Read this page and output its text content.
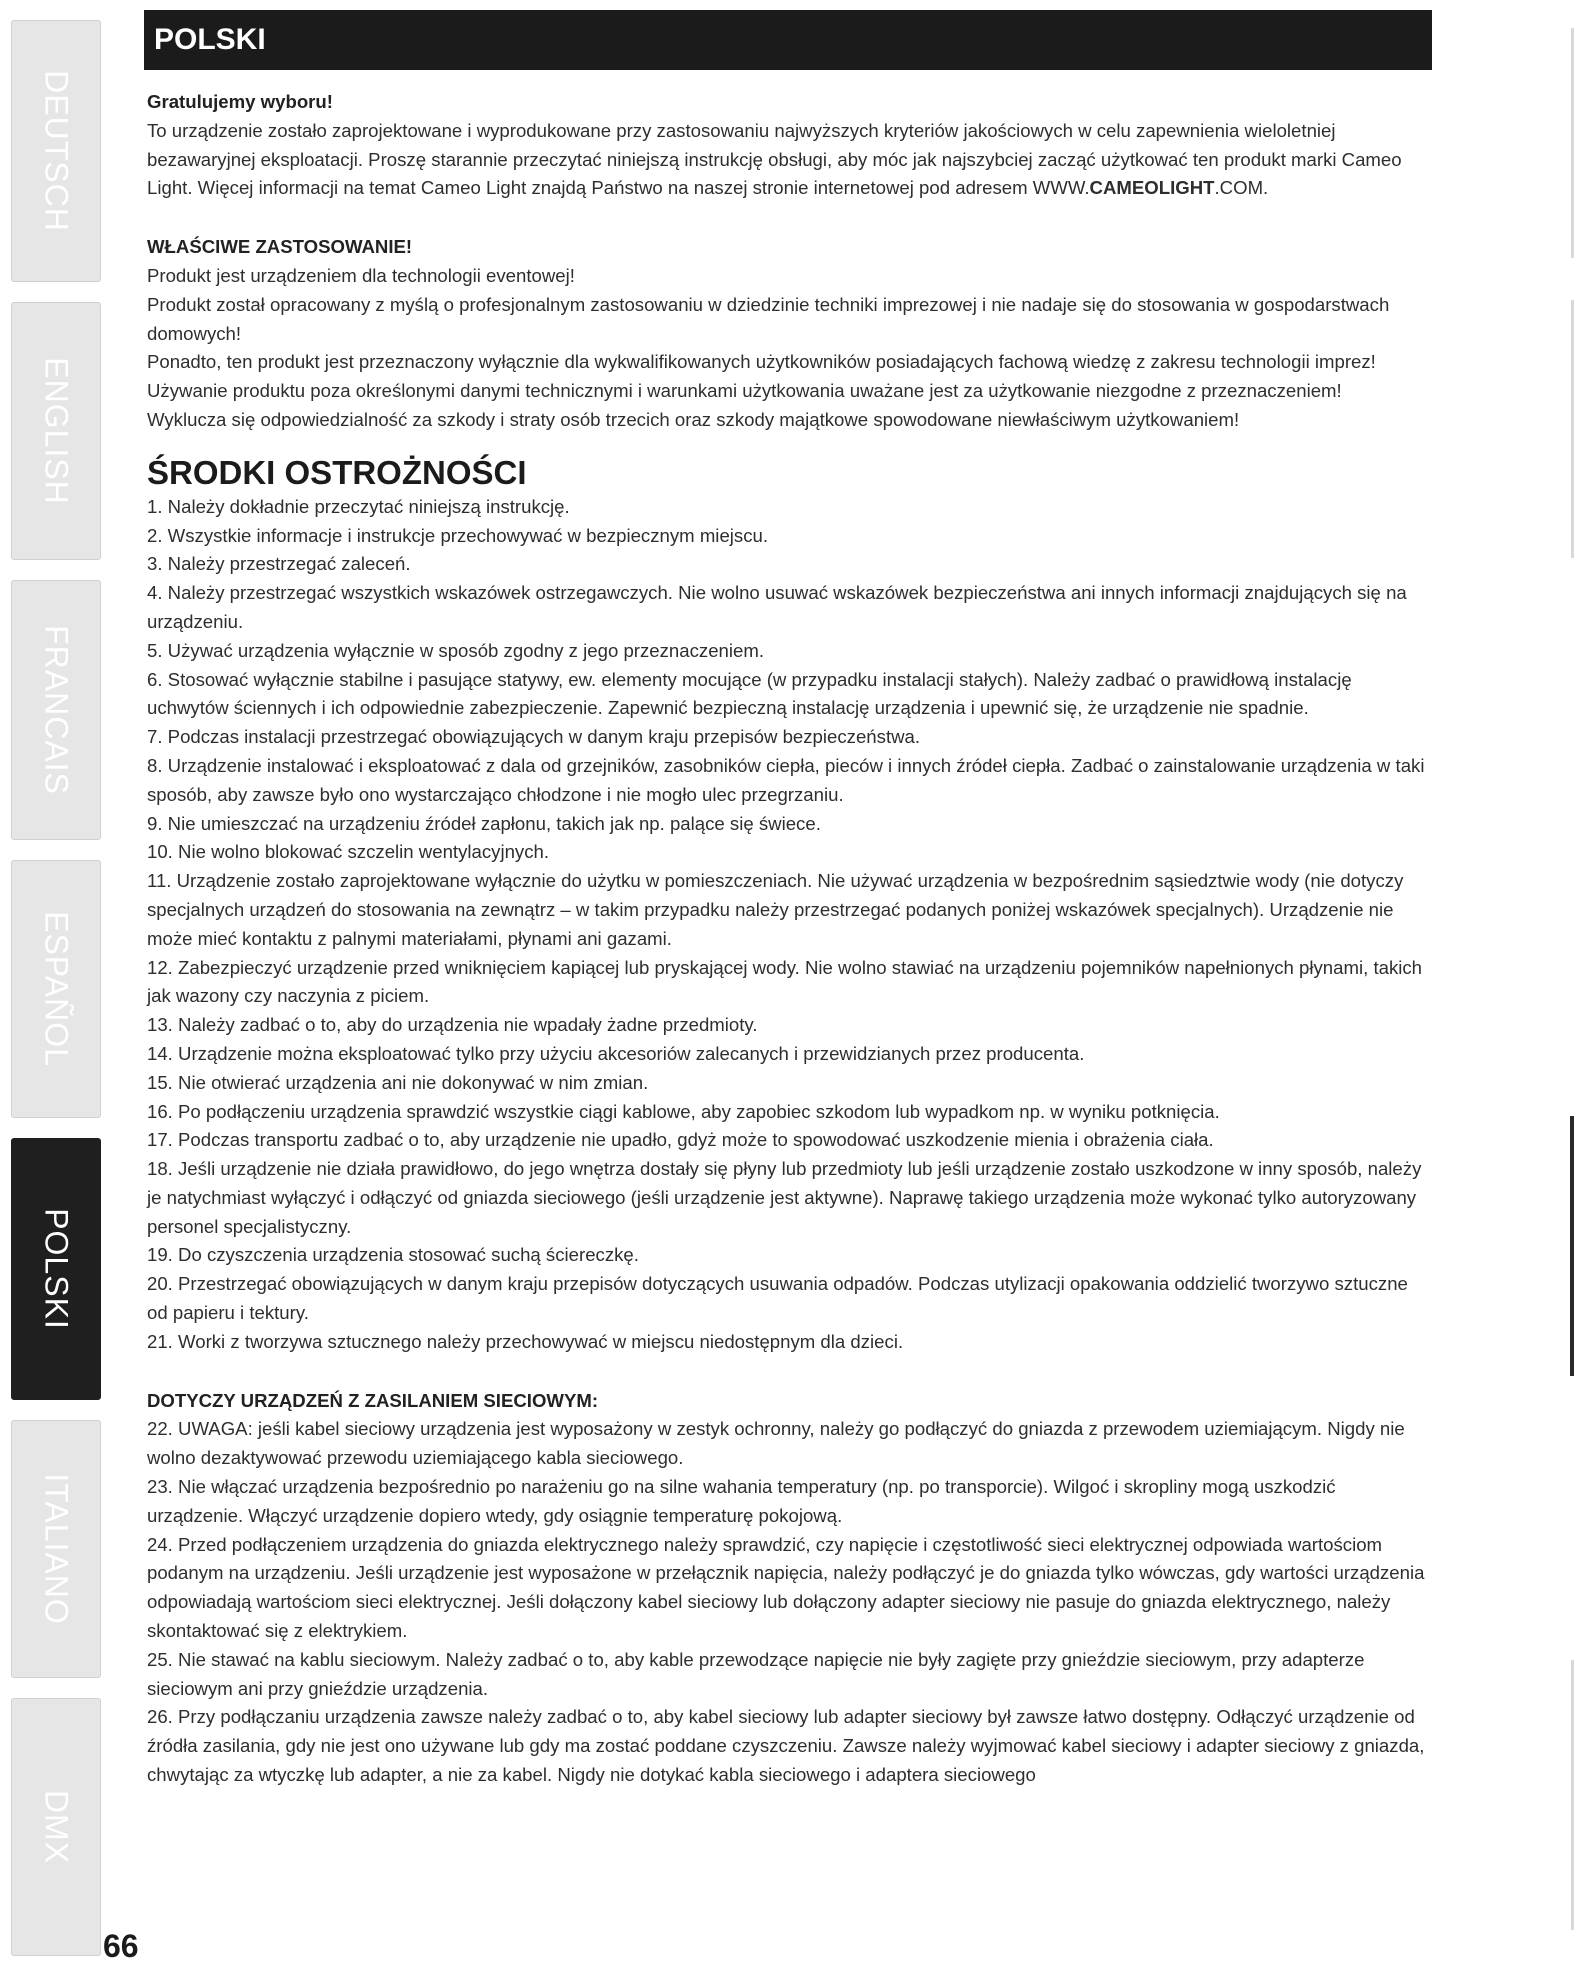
DEUTSCH
ENGLISH
FRANCAIS
ESPAÑOL
POLSKI
ITALIANO
DMX
POLSKI

Gratulujemy wyboru!

To urządzenie zostało zaprojektowane i wyprodukowane przy zastosowaniu najwyższych kryteriów jakościowych w celu zapewnienia wieloletniej bezawaryjnej eksploatacji. Proszę starannie przeczytać niniejszą instrukcję obsługi, aby móc jak najszybciej zacząć użytkować ten produkt marki Cameo Light. Więcej informacji na temat Cameo Light znajdą Państwo na naszej stronie internetowej pod adresem WWW.CAMEOLIGHT.COM.

WŁAŚCIWE ZASTOSOWANIE!

Produkt jest urządzeniem dla technologii eventowej!

Produkt został opracowany z myślą o profesjonalnym zastosowaniu w dziedzinie techniki imprezowej i nie nadaje się do stosowania w gospodarstwach domowych!

Ponadto, ten produkt jest przeznaczony wyłącznie dla wykwalifikowanych użytkowników posiadających fachową wiedzę z zakresu technologii imprez!

Używanie produktu poza określonymi danymi technicznymi i warunkami użytkowania uważane jest za użytkowanie niezgodne z przeznaczeniem!

Wyklucza się odpowiedzialność za szkody i straty osób trzecich oraz szkody majątkowe spowodowane niewłaściwym użytkowaniem!

ŚRODKI OSTROŻNOŚCI

1. Należy dokładnie przeczytać niniejszą instrukcję.

2. Wszystkie informacje i instrukcje przechowywać w bezpiecznym miejscu.

3. Należy przestrzegać zaleceń.

4. Należy przestrzegać wszystkich wskazówek ostrzegawczych. Nie wolno usuwać wskazówek bezpieczeństwa ani innych informacji znajdujących się na urządzeniu.

5. Używać urządzenia wyłącznie w sposób zgodny z jego przeznaczeniem.

6. Stosować wyłącznie stabilne i pasujące statywy, ew. elementy mocujące (w przypadku instalacji stałych). Należy zadbać o prawidłową instalację uchwytów ściennych i ich odpowiednie zabezpieczenie. Zapewnić bezpieczną instalację urządzenia i upewnić się, że urządzenie nie spadnie.

7. Podczas instalacji przestrzegać obowiązujących w danym kraju przepisów bezpieczeństwa.

8. Urządzenie instalować i eksploatować z dala od grzejników, zasobników ciepła, pieców i innych źródeł ciepła. Zadbać o zainstalowanie urządzenia w taki sposób, aby zawsze było ono wystarczająco chłodzone i nie mogło ulec przegrzaniu.

9. Nie umieszczać na urządzeniu źródeł zapłonu, takich jak np. palące się świece.

10. Nie wolno blokować szczelin wentylacyjnych.

11. Urządzenie zostało zaprojektowane wyłącznie do użytku w pomieszczeniach. Nie używać urządzenia w bezpośrednim sąsiedztwie wody (nie dotyczy specjalnych urządzeń do stosowania na zewnątrz – w takim przypadku należy przestrzegać podanych poniżej wskazówek specjalnych). Urządzenie nie może mieć kontaktu z palnymi materiałami, płynami ani gazami.

12. Zabezpieczyć urządzenie przed wniknięciem kapiącej lub pryskającej wody. Nie wolno stawiać na urządzeniu pojemników napełnionych płynami, takich jak wazony czy naczynia z piciem.

13. Należy zadbać o to, aby do urządzenia nie wpadały żadne przedmioty.

14. Urządzenie można eksploatować tylko przy użyciu akcesoriów zalecanych i przewidzianych przez producenta.

15. Nie otwierać urządzenia ani nie dokonywać w nim zmian.

16. Po podłączeniu urządzenia sprawdzić wszystkie ciągi kablowe, aby zapobiec szkodom lub wypadkom np. w wyniku potknięcia.

17. Podczas transportu zadbać o to, aby urządzenie nie upadło, gdyż może to spowodować uszkodzenie mienia i obrażenia ciała.

18. Jeśli urządzenie nie działa prawidłowo, do jego wnętrza dostały się płyny lub przedmioty lub jeśli urządzenie zostało uszkodzone w inny sposób, należy je natychmiast wyłączyć i odłączyć od gniazda sieciowego (jeśli urządzenie jest aktywne). Naprawę takiego urządzenia może wykonać tylko autoryzowany personel specjalistyczny.

19. Do czyszczenia urządzenia stosować suchą ściereczkę.

20. Przestrzegać obowiązujących w danym kraju przepisów dotyczących usuwania odpadów. Podczas utylizacji opakowania oddzielić tworzywo sztuczne od papieru i tektury.

21. Worki z tworzywa sztucznego należy przechowywać w miejscu niedostępnym dla dzieci.

DOTYCZY URZĄDZEŃ Z ZASILANIEM SIECIOWYM:

22. UWAGA: jeśli kabel sieciowy urządzenia jest wyposażony w zestyk ochronny, należy go podłączyć do gniazda z przewodem uziemiającym. Nigdy nie wolno dezaktywować przewodu uziemiającego kabla sieciowego.

23. Nie włączać urządzenia bezpośrednio po narażeniu go na silne wahania temperatury (np. po transporcie). Wilgoć i skropliny mogą uszkodzić urządzenie. Włączyć urządzenie dopiero wtedy, gdy osiągnie temperaturę pokojową.

24. Przed podłączeniem urządzenia do gniazda elektrycznego należy sprawdzić, czy napięcie i częstotliwość sieci elektrycznej odpowiada wartościom podanym na urządzeniu. Jeśli urządzenie jest wyposażone w przełącznik napięcia, należy podłączyć je do gniazda tylko wówczas, gdy wartości urządzenia odpowiadają wartościom sieci elektrycznej. Jeśli dołączony kabel sieciowy lub dołączony adapter sieciowy nie pasuje do gniazda elektrycznego, należy skontaktować się z elektrykiem.

25. Nie stawać na kablu sieciowym. Należy zadbać o to, aby kable przewodzące napięcie nie były zagięte przy gnieździe sieciowym, przy adapterze sieciowym ani przy gnieździe urządzenia.

26. Przy podłączaniu urządzenia zawsze należy zadbać o to, aby kabel sieciowy lub adapter sieciowy był zawsze łatwo dostępny. Odłączyć urządzenie od źródła zasilania, gdy nie jest ono używane lub gdy ma zostać poddane czyszczeniu. Zawsze należy wyjmować kabel sieciowy i adapter sieciowy z gniazda, chwytając za wtyczkę lub adapter, a nie za kabel. Nigdy nie dotykać kabla sieciowego i adaptera sieciowego

66
